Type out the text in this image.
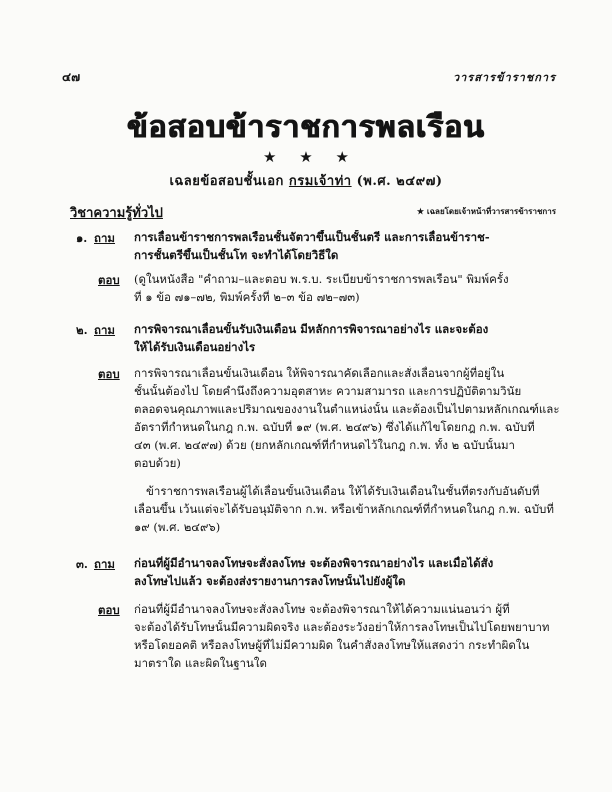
๔๗	วารสารข้าราชการ
ข้อสอบข้าราชการพลเรือน
★ ★ ★
เฉลยข้อสอบชั้นเอก กรมเจ้าท่า (พ.ศ. ๒๔๙๗)
วิชาความรู้ทั่วไป	★ เฉลยโดยเจ้าหน้าที่วารสารข้าราชการ
๑. ถาม การเลื่อนข้าราชการพลเรือนชั้นจัตวาขึ้นเป็นชั้นตรี และการเลื่อนข้าราช-
การชั้นตรีขึ้นเป็นชั้นโท จะทำได้โดยวิธีใด
ตอบ (ดูในหนังสือ "คำถาม–และตอบ พ.ร.บ. ระเบียบข้าราชการพลเรือน" พิมพ์ครั้ง
ที่ ๑ ข้อ ๗๑–๗๒, พิมพ์ครั้งที่ ๒–๓ ข้อ ๗๒–๗๓)
๒. ถาม การพิจารณาเลื่อนขั้นรับเงินเดือน มีหลักการพิจารณาอย่างไร และจะต้อง
ให้ได้รับเงินเดือนอย่างไร
ตอบ การพิจารณาเลื่อนขั้นเงินเดือน ให้พิจารณาคัดเลือกและสั่งเลื่อนจากผู้ที่อยู่ใน
ชั้นนั้นต้องไป โดยคำนึงถึงความอุตสาหะ ความสามารถ และการปฏิบัติตามวินัย
ตลอดจนคุณภาพและปริมาณของงานในตำแหน่งนั้น และต้องเป็นไปตามหลักเกณฑ์และ
อัตราที่กำหนดในกฎ ก.พ. ฉบับที่ ๑๙ (พ.ศ. ๒๔๙๖) ซึ่งได้แก้ไขโดยกฎ ก.พ. ฉบับที่
๔๓ (พ.ศ. ๒๔๙๗) ด้วย (ยกหลักเกณฑ์ที่กำหนดไว้ในกฎ ก.พ. ทั้ง ๒ ฉบับนั้นมา
ตอบด้วย)
ข้าราชการพลเรือนผู้ได้เลื่อนขั้นเงินเดือน ให้ได้รับเงินเดือนในชั้นที่ตรงกับอันดับที่
เลื่อนขึ้น เว้นแต่จะได้รับอนุมัติจาก ก.พ. หรือเข้าหลักเกณฑ์ที่กำหนดในกฎ ก.พ. ฉบับที่
๑๙ (พ.ศ. ๒๔๙๖)
๓. ถาม ก่อนที่ผู้มีอำนาจลงโทษจะสั่งลงโทษ จะต้องพิจารณาอย่างไร และเมื่อได้สั่ง
ลงโทษไปแล้ว จะต้องส่งรายงานการลงโทษนั้นไปยังผู้ใด
ตอบ ก่อนที่ผู้มีอำนาจลงโทษจะสั่งลงโทษ จะต้องพิจารณาให้ได้ความแน่นอนว่า ผู้ที่
จะต้องได้รับโทษนั้นมีความผิดจริง และต้องระวังอย่าให้การลงโทษเป็นไปโดยพยาบาท
หรือโดยอคติ หรือลงโทษผู้ที่ไม่มีความผิด ในคำสั่งลงโทษให้แสดงว่า กระทำผิดใน
มาตราใด และผิดในฐานใด
